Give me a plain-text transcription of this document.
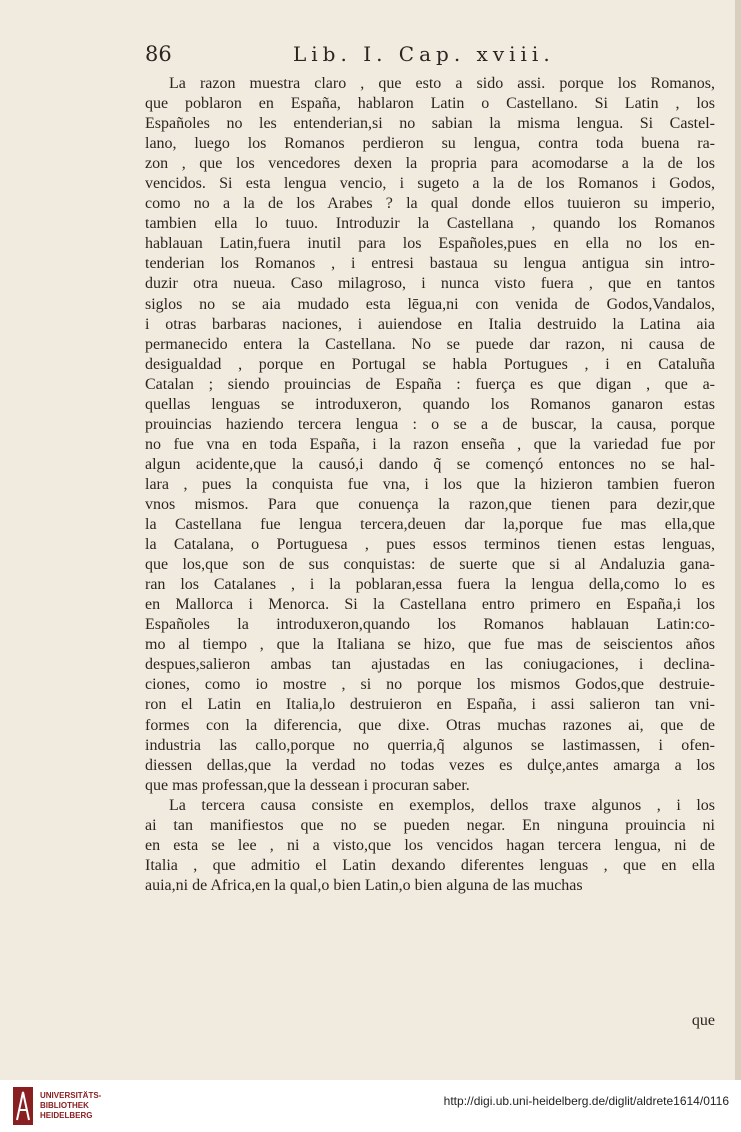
86	Lib. I. Cap. xviii.
La razon muestra claro , que esto a sido assi. porque los Romanos,
que poblaron en España, hablaron Latin o Castellano. Si Latin , los
Españoles no les entenderian,si no sabian la misma lengua. Si Castel-
lano, luego los Romanos perdieron su lengua, contra toda buena ra-
zon , que los vencedores dexen la propria para acomodarse a la de los
vencidos. Si esta lengua vencio, i sugeto a la de los Romanos i Godos,
como no a la de los Arabes ? la qual donde ellos tuuieron su imperio,
tambien ella lo tuuo. Introduzir la Castellana , quando los Romanos
hablauan Latin,fuera inutil para los Españoles,pues en ella no los en-
tenderian los Romanos , i entresi bastaua su lengua antigua sin intro-
duzir otra nueua. Caso milagroso, i nunca visto fuera , que en tantos
siglos no se aia mudado esta lēgua,ni con venida de Godos,Vandalos,
i otras barbaras naciones, i auiendose en Italia destruido la Latina aia
permanecido entera la Castellana. No se puede dar razon, ni causa de
desigualdad , porque en Portugal se habla Portugues , i en Cataluña
Catalan ; siendo prouincias de España : fuerça es que digan , que a-
quellas lenguas se introduxeron, quando los Romanos ganaron estas
prouincias haziendo tercera lengua : o se a de buscar, la causa, porque
no fue vna en toda España, i la razon enseña , que la variedad fue por
algun acidente,que la causó,i dando q̃ se començó entonces no se hal-
lara , pues la conquista fue vna, i los que la hizieron tambien fueron
vnos mismos. Para que conuença la razon,que tienen para dezir,que
la Castellana fue lengua tercera,deuen dar la,porque fue mas ella,que
la Catalana, o Portuguesa , pues essos terminos tienen estas lenguas,
que los,que son de sus conquistas: de suerte que si al Andaluzia gana-
ran los Catalanes , i la poblaran,essa fuera la lengua della,como lo es
en Mallorca i Menorca. Si la Castellana entro primero en España,i los
Españoles la introduxeron,quando los Romanos hablauan Latin:co-
mo al tiempo , que la Italiana se hizo, que fue mas de seiscientos años
despues,salieron ambas tan ajustadas en las coniugaciones, i declina-
ciones, como io mostre , si no porque los mismos Godos,que destruie-
ron el Latin en Italia,lo destruieron en España, i assi salieron tan vni-
formes con la diferencia, que dixe. Otras muchas razones ai, que de
industria las callo,porque no querria,q̃ algunos se lastimassen, i ofen-
diessen dellas,que la verdad no todas vezes es dulçe,antes amarga a los
que mas professan,que la dessean i procuran saber.
La tercera causa consiste en exemplos, dellos traxe algunos , i los
ai tan manifiestos que no se pueden negar. En ninguna prouincia ni
en esta se lee , ni a visto,que los vencidos hagan tercera lengua, ni de
Italia , que admitio el Latin dexando diferentes lenguas , que en ella
auia,ni de Africa,en la qual,o bien Latin,o bien alguna de las muchas
que
UNIVERSITÄTS-
BIBLIOTHEK
HEIDELBERG
http://digi.ub.uni-heidelberg.de/diglit/aldrete1614/0116
